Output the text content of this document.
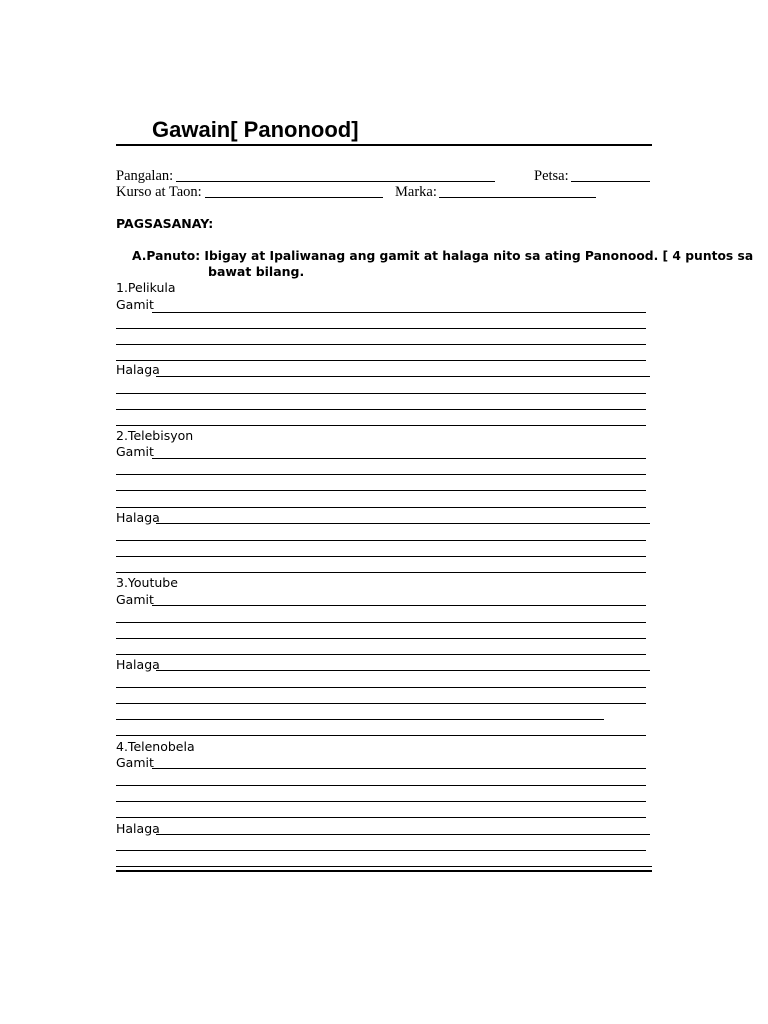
Gawain[ Panonood]
Pangalan:	Petsa:
Kurso at Taon:	Marka:
PAGSASANAY:
A.Panuto: Ibigay at Ipaliwanag ang gamit at halaga nito sa ating Panonood. [ 4 puntos sa
bawat bilang.
1.Pelikula
Gamit
Halaga
2.Telebisyon
Gamit
Halaga
3.Youtube
Gamit
Halaga
4.Telenobela
Gamit
Halaga
